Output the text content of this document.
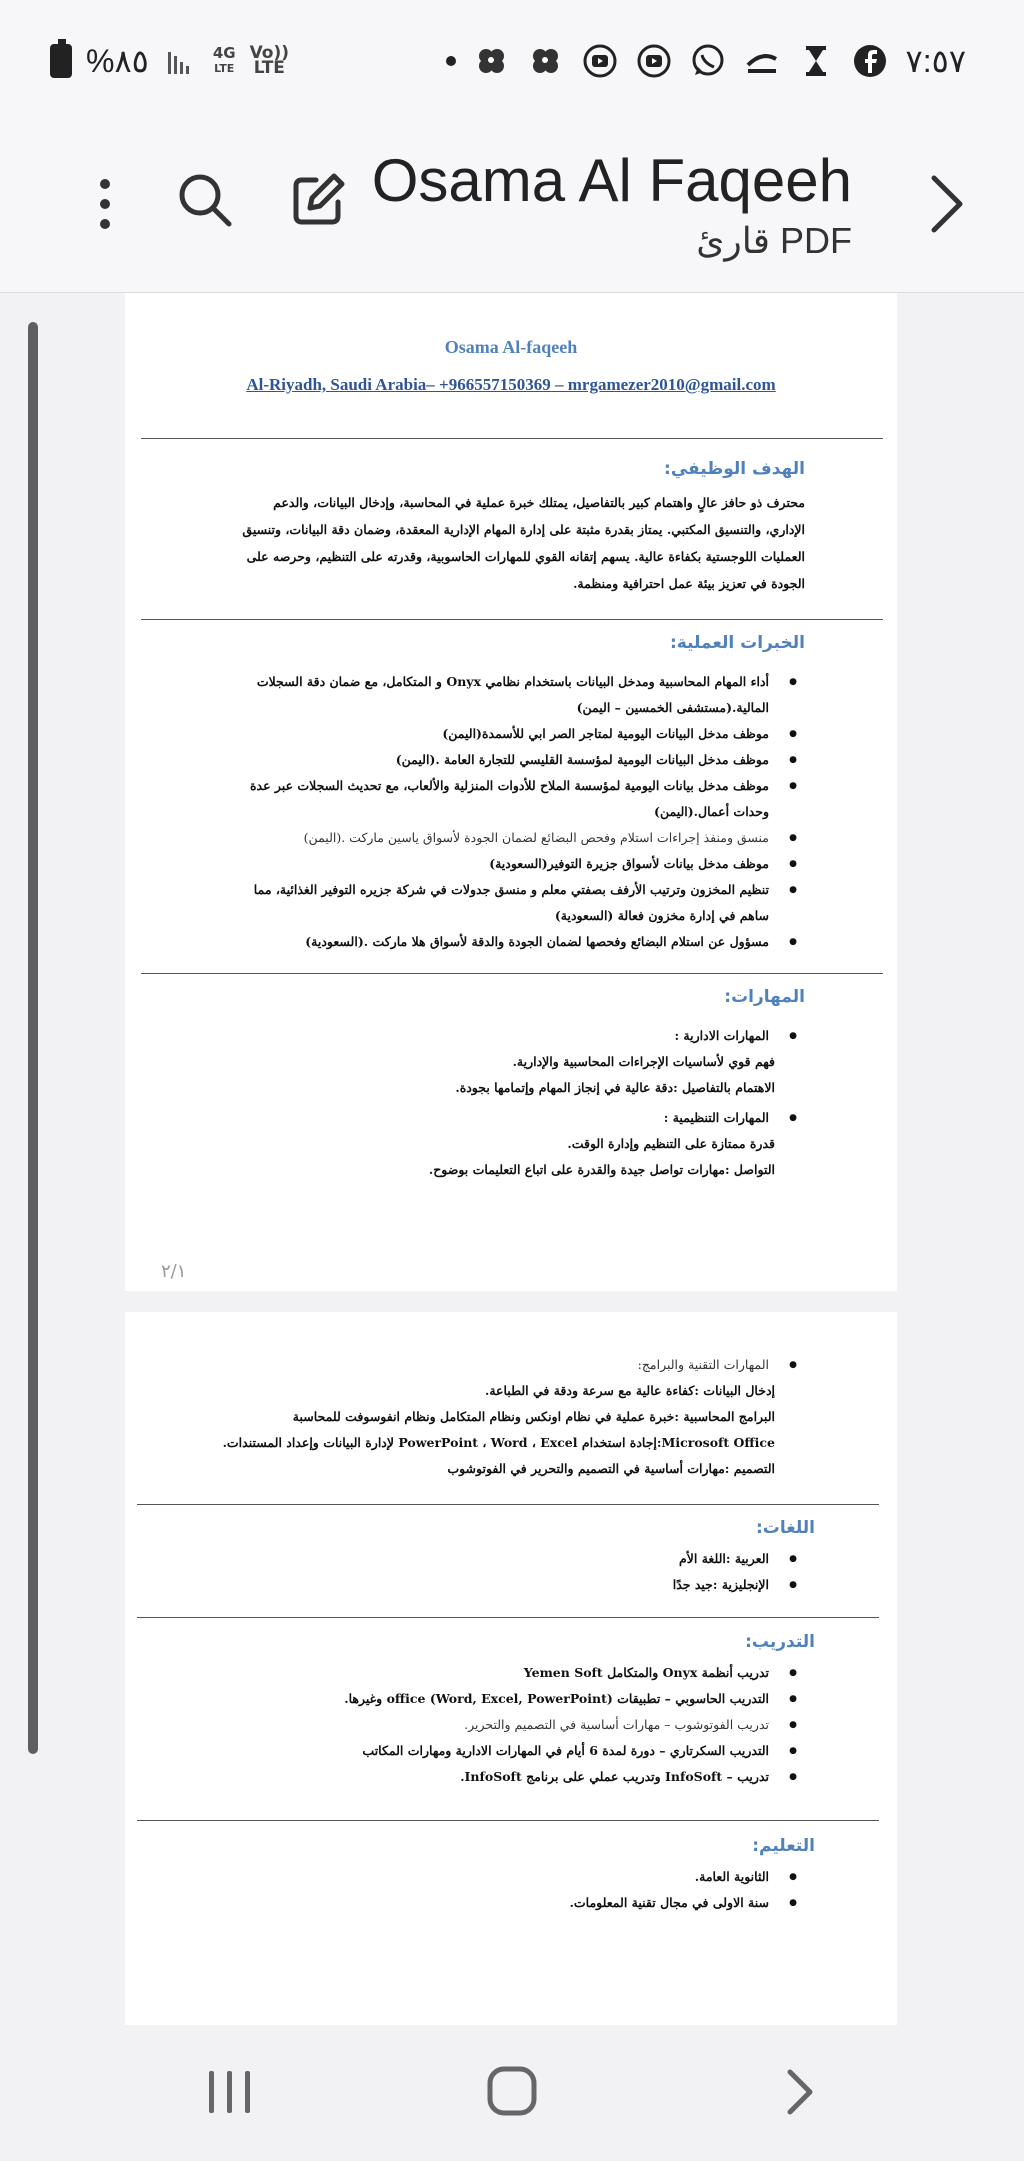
%٨٥	4G
LTE
Vo))
LTE	٧:٥٧
Osama Al Faqeeh
قارئ PDF
Osama Al-faqeeh
Al-Riyadh, Saudi Arabia– +966557150369 – mrgamezer2010@gmail.com
الهدف الوظيفي:
محترف ذو حافز عالٍ واهتمام كبير بالتفاصيل، يمتلك خبرة عملية في المحاسبة، وإدخال البيانات، والدعم
الإداري، والتنسيق المكتبي. يمتاز بقدرة مثبتة على إدارة المهام الإدارية المعقدة، وضمان دقة البيانات، وتنسيق
العمليات اللوجستية بكفاءة عالية. يسهم إتقانه القوي للمهارات الحاسوبية، وقدرته على التنظيم، وحرصه على
الجودة في تعزيز بيئة عمل احترافية ومنظمة.
الخبرات العملية:
● أداء المهام المحاسبية ومدخل البيانات باستخدام نظامي Onyx و المتكامل، مع ضمان دقة السجلات المالية.(مستشفى الخمسين – اليمن)
● موظف مدخل البيانات اليومية لمتاجر الصر ابي للأسمدة(اليمن)
● موظف مدخل البيانات اليومية لمؤسسة القليسي للتجارة العامة .(اليمن)
● موظف مدخل بيانات اليومية لمؤسسة الملاح للأدوات المنزلية والألعاب، مع تحديث السجلات عبر عدة وحدات أعمال.(اليمن)
● منسق ومنفذ إجراءات استلام وفحص البضائع لضمان الجودة لأسواق ياسين ماركت .(اليمن)
● موظف مدخل بيانات لأسواق جزيرة التوفير(السعودية)
● تنظيم المخزون وترتيب الأرفف بصفتي معلم و منسق جدولات في شركة جزيره التوفير الغذائية، مما ساهم في إدارة مخزون فعالة (السعودية)
● مسؤول عن استلام البضائع وفحصها لضمان الجودة والدقة لأسواق هلا ماركت .(السعودية)
المهارات:
● المهارات الادارية :
فهم قوي لأساسيات الإجراءات المحاسبية والإدارية.
الاهتمام بالتفاصيل :دقة عالية في إنجاز المهام وإتمامها بجودة.
● المهارات التنظيمية :
قدرة ممتازة على التنظيم وإدارة الوقت.
التواصل :مهارات تواصل جيدة والقدرة على اتباع التعليمات بوضوح.
٢/١
● المهارات التقنية والبرامج:
إدخال البيانات :كفاءة عالية مع سرعة ودقة في الطباعة.
البرامج المحاسبية :خبرة عملية في نظام اونكس ونظام المتكامل ونظام انفوسوفت للمحاسبة
Microsoft Office:إجادة استخدام PowerPoint ، Word ، Excel لإدارة البيانات وإعداد المستندات.
التصميم :مهارات أساسية في التصميم والتحرير في الفوتوشوب
اللغات:
● العربية :اللغة الأم
● الإنجليزية :جيد جدًا
التدريب:
● تدريب أنظمة Onyx والمتكامل Yemen Soft
● التدريب الحاسوبي – تطبيقات office (Word, Excel, PowerPoint) وغيرها.
● تدريب الفوتوشوب – مهارات أساسية في التصميم والتحرير.
● التدريب السكرتاري – دورة لمدة 6 أيام في المهارات الادارية ومهارات المكاتب
● تدريب – InfoSoft وتدريب عملي على برنامج InfoSoft.
التعليم:
● الثانوية العامة.
● سنة الاولى في مجال تقنية المعلومات.
